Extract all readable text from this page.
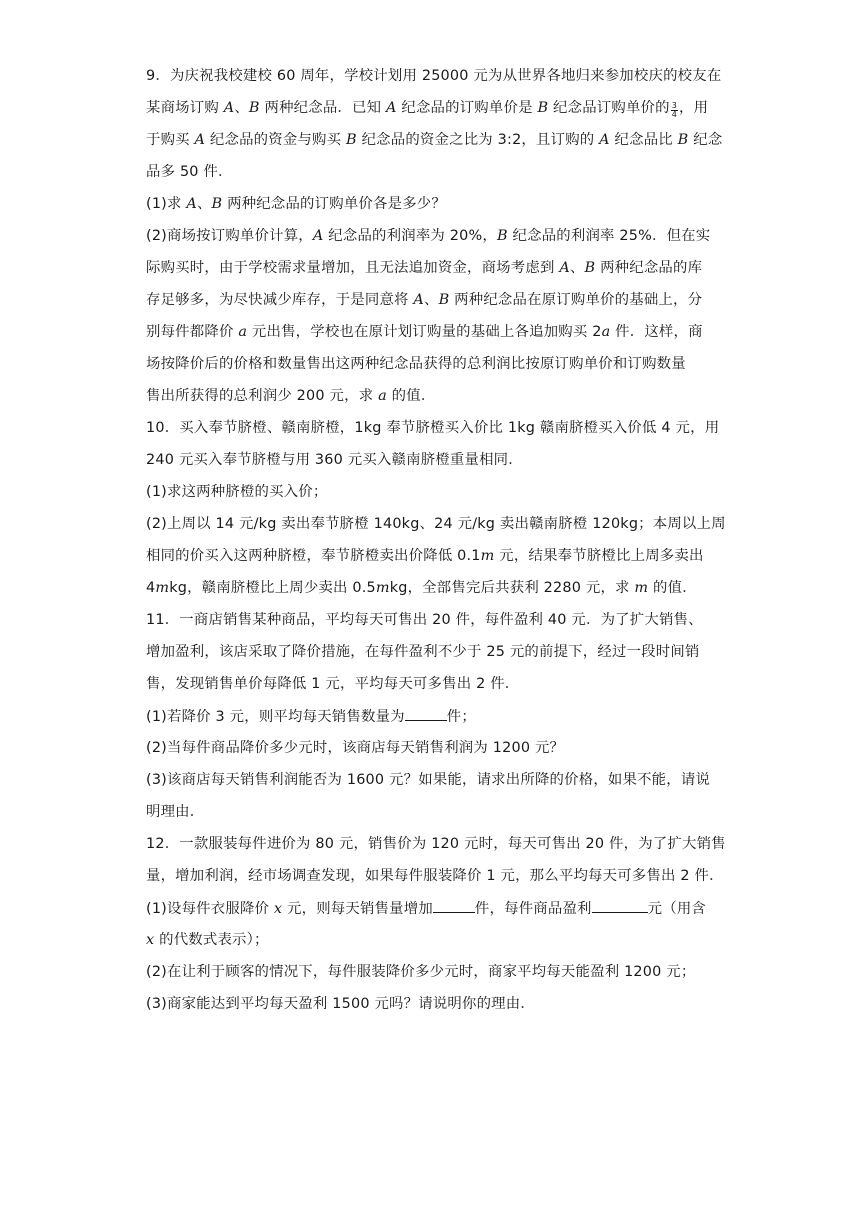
9．为庆祝我校建校 60 周年，学校计划用 25000 元为从世界各地归来参加校庆的校友在
某商场订购 A、B 两种纪念品．已知 A 纪念品的订购单价是 B 纪念品订购单价的 $\frac{3}{4}$ ，用
于购买 A 纪念品的资金与购买 B 纪念品的资金之比为 3:2，且订购的 A 纪念品比 B 纪念
品多 50 件．
(1)求 A、B 两种纪念品的订购单价各是多少？
(2)商场按订购单价计算，A 纪念品的利润率为 20%，B 纪念品的利润率 25%．但在实
际购买时，由于学校需求量增加，且无法追加资金，商场考虑到 A、B 两种纪念品的库
存足够多，为尽快减少库存，于是同意将 A、B 两种纪念品在原订购单价的基础上，分
别每件都降价 a 元出售，学校也在原计划订购量的基础上各追加购买 2a 件．这样，商
场按降价后的价格和数量售出这两种纪念品获得的总利润比按原订购单价和订购数量
售出所获得的总利润少 200 元，求 a 的值．
10．买入奉节脐橙、赣南脐橙，1kg 奉节脐橙买入价比 1kg 赣南脐橙买入价低 4 元，用
240 元买入奉节脐橙与用 360 元买入赣南脐橙重量相同．
(1)求这两种脐橙的买入价；
(2)上周以 14 元/kg 卖出奉节脐橙 140kg、24 元/kg 卖出赣南脐橙 120kg；本周以上周
相同的价买入这两种脐橙，奉节脐橙卖出价降低 0.1m 元，结果奉节脐橙比上周多卖出
4mkg，赣南脐橙比上周少卖出 0.5mkg，全部售完后共获利 2280 元，求 m 的值．
11．一商店销售某种商品，平均每天可售出 20 件，每件盈利 40 元．为了扩大销售、
增加盈利，该店采取了降价措施，在每件盈利不少于 25 元的前提下，经过一段时间销
售，发现销售单价每降低 1 元，平均每天可多售出 2 件．
(1)若降价 3 元，则平均每天销售数量为	件；
(2)当每件商品降价多少元时，该商店每天销售利润为 1200 元？
(3)该商店每天销售利润能否为 1600 元？如果能，请求出所降的价格，如果不能，请说
明理由．
12．一款服装每件进价为 80 元，销售价为 120 元时，每天可售出 20 件，为了扩大销售
量，增加利润，经市场调查发现，如果每件服装降价 1 元，那么平均每天可多售出 2 件．
(1)设每件衣服降价 x 元，则每天销售量增加	件，每件商品盈利	元（用含
x 的代数式表示）；
(2)在让利于顾客的情况下，每件服装降价多少元时，商家平均每天能盈利 1200 元；
(3)商家能达到平均每天盈利 1500 元吗？请说明你的理由．
